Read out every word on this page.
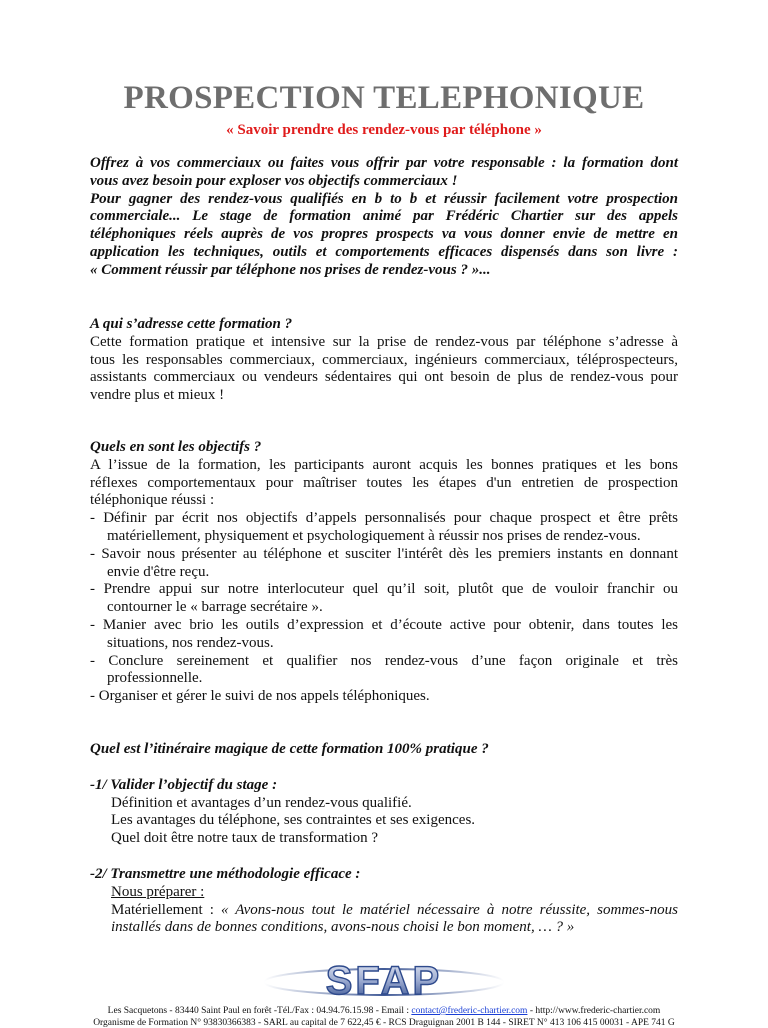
PROSPECTION TELEPHONIQUE
« Savoir prendre des rendez-vous par téléphone »

Offrez à vos commerciaux ou faites vous offrir par votre responsable : la formation dont

vous avez besoin pour exploser vos objectifs commerciaux !

Pour gagner des rendez-vous qualifiés en b to b et réussir facilement votre prospection

commerciale... Le stage de formation animé par Frédéric Chartier sur des appels

téléphoniques réels auprès de vos propres prospects va vous donner envie de mettre en

application les techniques, outils et comportements efficaces dispensés dans son livre :

« Comment réussir par téléphone nos prises de rendez-vous ? »...

A qui s’adresse cette formation ?
Cette formation pratique et intensive sur la prise de rendez-vous par téléphone s’adresse à
tous les responsables commerciaux, commerciaux, ingénieurs commerciaux, téléprospecteurs,
assistants commerciaux ou vendeurs sédentaires qui ont besoin de plus de rendez-vous pour
vendre plus et mieux !
Quels en sont les objectifs ?
A l’issue de la formation, les participants auront acquis les bonnes pratiques et les bons
réflexes comportementaux pour maîtriser toutes les étapes d'un entretien de prospection
téléphonique réussi :
- Définir par écrit nos objectifs d’appels personnalisés pour chaque prospect et être prêts
matériellement, physiquement et psychologiquement à réussir nos prises de rendez-vous.
- Savoir nous présenter au téléphone et susciter l'intérêt dès les premiers instants en donnant
envie d'être reçu.
- Prendre appui sur notre interlocuteur quel qu’il soit, plutôt que de vouloir franchir ou
contourner le « barrage secrétaire ».
- Manier avec brio les outils d’expression et d’écoute active pour obtenir, dans toutes les
situations, nos rendez-vous.
- Conclure sereinement et qualifier nos rendez-vous d’une façon originale et très
professionnelle.
- Organiser et gérer le suivi de nos appels téléphoniques.
Quel est l’itinéraire magique de cette formation 100% pratique ?
-1/ Valider l’objectif du stage :
Définition et avantages d’un rendez-vous qualifié.
Les avantages du téléphone, ses contraintes et ses exigences.
Quel doit être notre taux de transformation ?
-2/ Transmettre une méthodologie efficace :
Nous préparer :
Matériellement : « Avons-nous tout le matériel nécessaire à notre réussite, sommes-nous
installés dans de bonnes conditions, avons-nous choisi le bon moment, … ? »
SFAP
Les Sacquetons - 83440 Saint Paul en forêt -Tél./Fax : 04.94.76.15.98 - Email : contact@frederic-chartier.com - http://www.frederic-chartier.com
Organisme de Formation N° 93830366383 - SARL au capital de 7 622,45 € - RCS Draguignan 2001 B 144 - SIRET N° 413 106 415 00031 - APE 741 G
